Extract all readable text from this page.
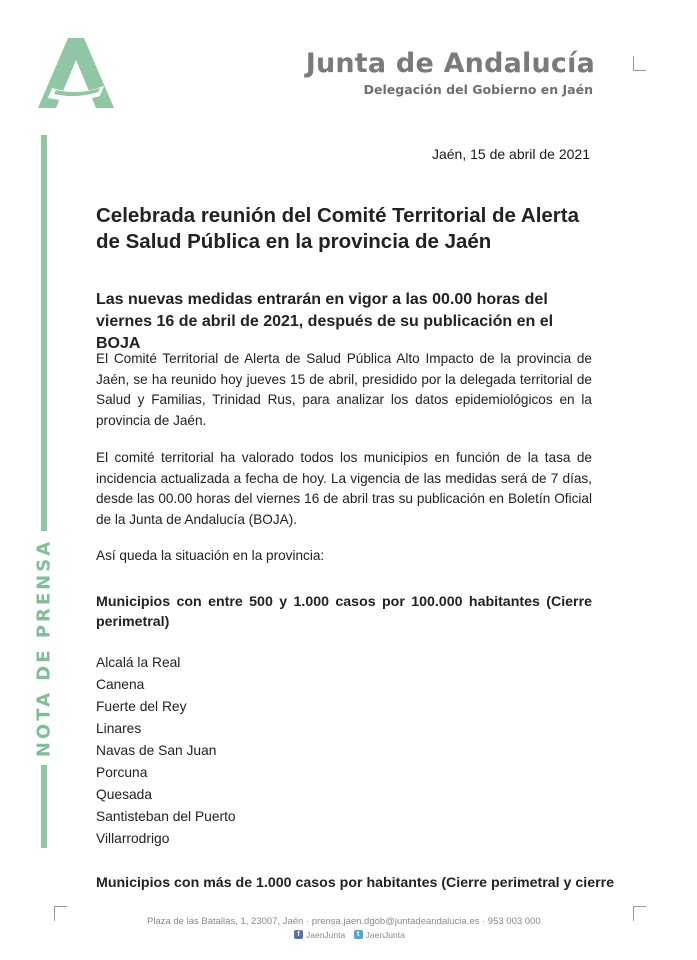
Junta de Andalucía
Delegación del Gobierno en Jaén
NOTA DE PRENSA
Jaén, 15 de abril de 2021
Celebrada reunión del Comité Territorial de Alerta de Salud Pública en la provincia de Jaén
Las nuevas medidas entrarán en vigor a las 00.00 horas del viernes 16 de abril de 2021, después de su publicación en el BOJA
El Comité Territorial de Alerta de Salud Pública Alto Impacto de la provincia de Jaén, se ha reunido hoy jueves 15 de abril, presidido por la delegada territorial de Salud y Familias, Trinidad Rus, para analizar los datos epidemiológicos en la provincia de Jaén.
El comité territorial ha valorado todos los municipios en función de la tasa de incidencia actualizada a fecha de hoy. La vigencia de las medidas será de 7 días, desde las 00.00 horas del viernes 16 de abril tras su publicación en Boletín Oficial de la Junta de Andalucía (BOJA).
Así queda la situación en la provincia:
Municipios con entre 500 y 1.000 casos por 100.000 habitantes (Cierre perimetral)
Alcalá la Real
Canena
Fuerte del Rey
Linares
Navas de San Juan
Porcuna
Quesada
Santisteban del Puerto
Villarrodrigo
Municipios con más de 1.000 casos por habitantes (Cierre perimetral y cierre
Plaza de las Batallas, 1, 23007, Jaén · prensa.jaen.dgob@juntadeandalucia.es · 953 003 000
f JaenJunta
	t JaenJunta
